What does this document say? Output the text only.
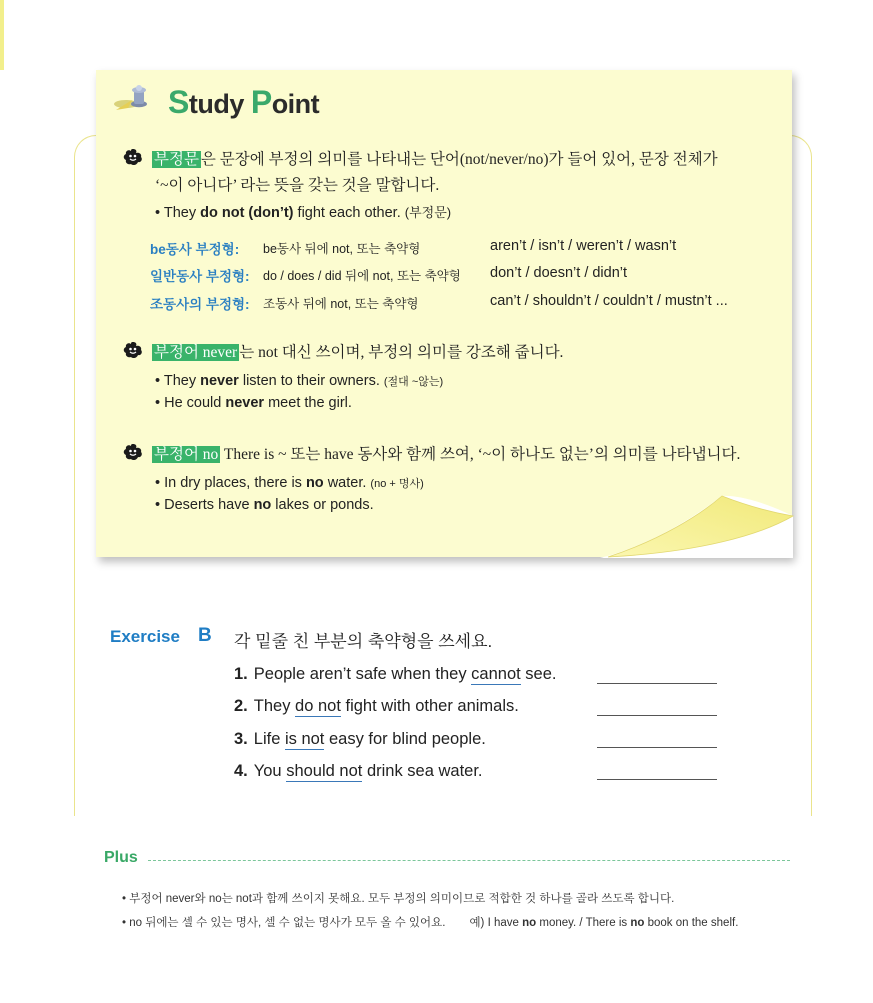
Study Point
부정문 은 문장에 부정의 의미를 나타내는 단어(not/never/no)가 들어 있어, 문장 전체가
‘~이 아니다’ 라는 뜻을 갖는 것을 말합니다.
• They do not (don’t) fight each other. (부정문)
be동사 부정형: be동사 뒤에 not, 또는 축약형	aren’t / isn’t / weren’t / wasn’t
일반동사 부정형: do / does / did 뒤에 not, 또는 축약형 don’t / doesn’t / didn’t
조동사의 부정형: 조동사 뒤에 not, 또는 축약형	can’t / shouldn’t / couldn’t / mustn’t ...
부정어 never 는 not 대신 쓰이며, 부정의 의미를 강조해 줍니다.
• They never listen to their owners. (절대 ~않는)
• He could never meet the girl.
부정어 no There is ~ 또는 have 동사와 함께 쓰여, ‘~이 하나도 없는’의 의미를 나타냅니다.
• In dry places, there is no water. (no + 명사)
• Deserts have no lakes or ponds.
Exercise B 각 밑줄 친 부분의 축약형을 쓰세요.
1. People aren’t safe when they cannot see.
2. They do not fight with other animals.
3. Life is not easy for blind people.
4. You should not drink sea water.
Plus
• 부정어 never와 no는 not과 함께 쓰이지 못해요. 모두 부정의 의미이므로 적합한 것 하나를 골라 쓰도록 합니다.
• no 뒤에는 셀 수 있는 명사, 셀 수 없는 명사가 모두 올 수 있어요. 예) I have no money. / There is no book on the shelf.
